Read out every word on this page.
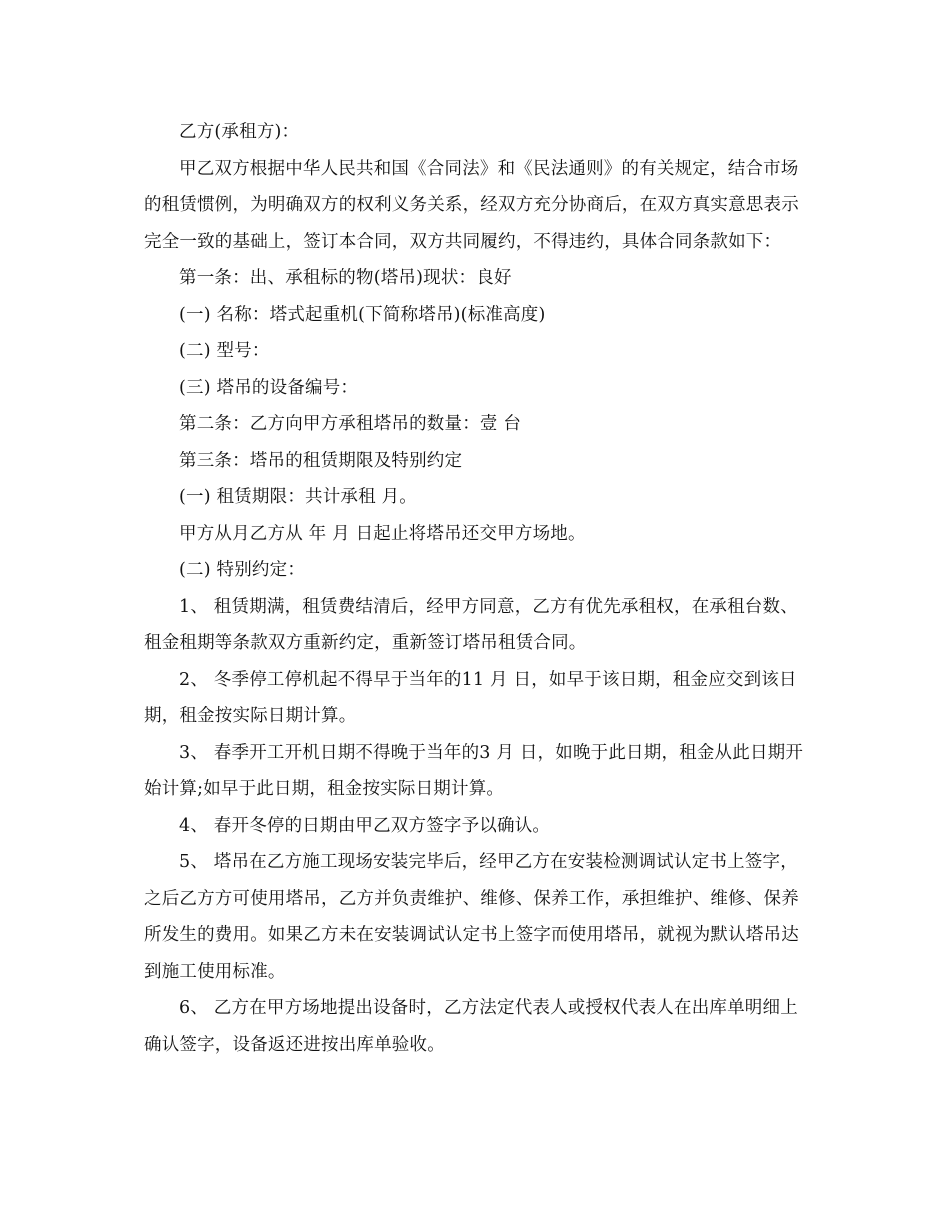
乙方(承租方)：

甲乙双方根据中华人民共和国《合同法》和《民法通则》的有关规定，结合市场的租赁惯例，为明确双方的权利义务关系，经双方充分协商后，在双方真实意思表示完全一致的基础上，签订本合同，双方共同履约，不得违约，具体合同条款如下：

第一条：出、承租标的物(塔吊)现状：良好

(一) 名称：塔式起重机(下简称塔吊)(标准高度)

(二) 型号：

(三) 塔吊的设备编号：

第二条：乙方向甲方承租塔吊的数量：壹 台

第三条：塔吊的租赁期限及特别约定

(一) 租赁期限：共计承租 月。

甲方从月乙方从 年 月 日起止将塔吊还交甲方场地。

(二) 特别约定：

1、 租赁期满，租赁费结清后，经甲方同意，乙方有优先承租权，在承租台数、租金租期等条款双方重新约定，重新签订塔吊租赁合同。

2、 冬季停工停机起不得早于当年的11 月 日，如早于该日期，租金应交到该日期，租金按实际日期计算。

3、 春季开工开机日期不得晚于当年的3 月 日，如晚于此日期，租金从此日期开始计算;如早于此日期，租金按实际日期计算。

4、 春开冬停的日期由甲乙双方签字予以确认。

5、 塔吊在乙方施工现场安装完毕后，经甲乙方在安装检测调试认定书上签字，之后乙方方可使用塔吊，乙方并负责维护、维修、保养工作，承担维护、维修、保养所发生的费用。如果乙方未在安装调试认定书上签字而使用塔吊，就视为默认塔吊达到施工使用标准。

6、 乙方在甲方场地提出设备时，乙方法定代表人或授权代表人在出库单明细上确认签字，设备返还进按出库单验收。
